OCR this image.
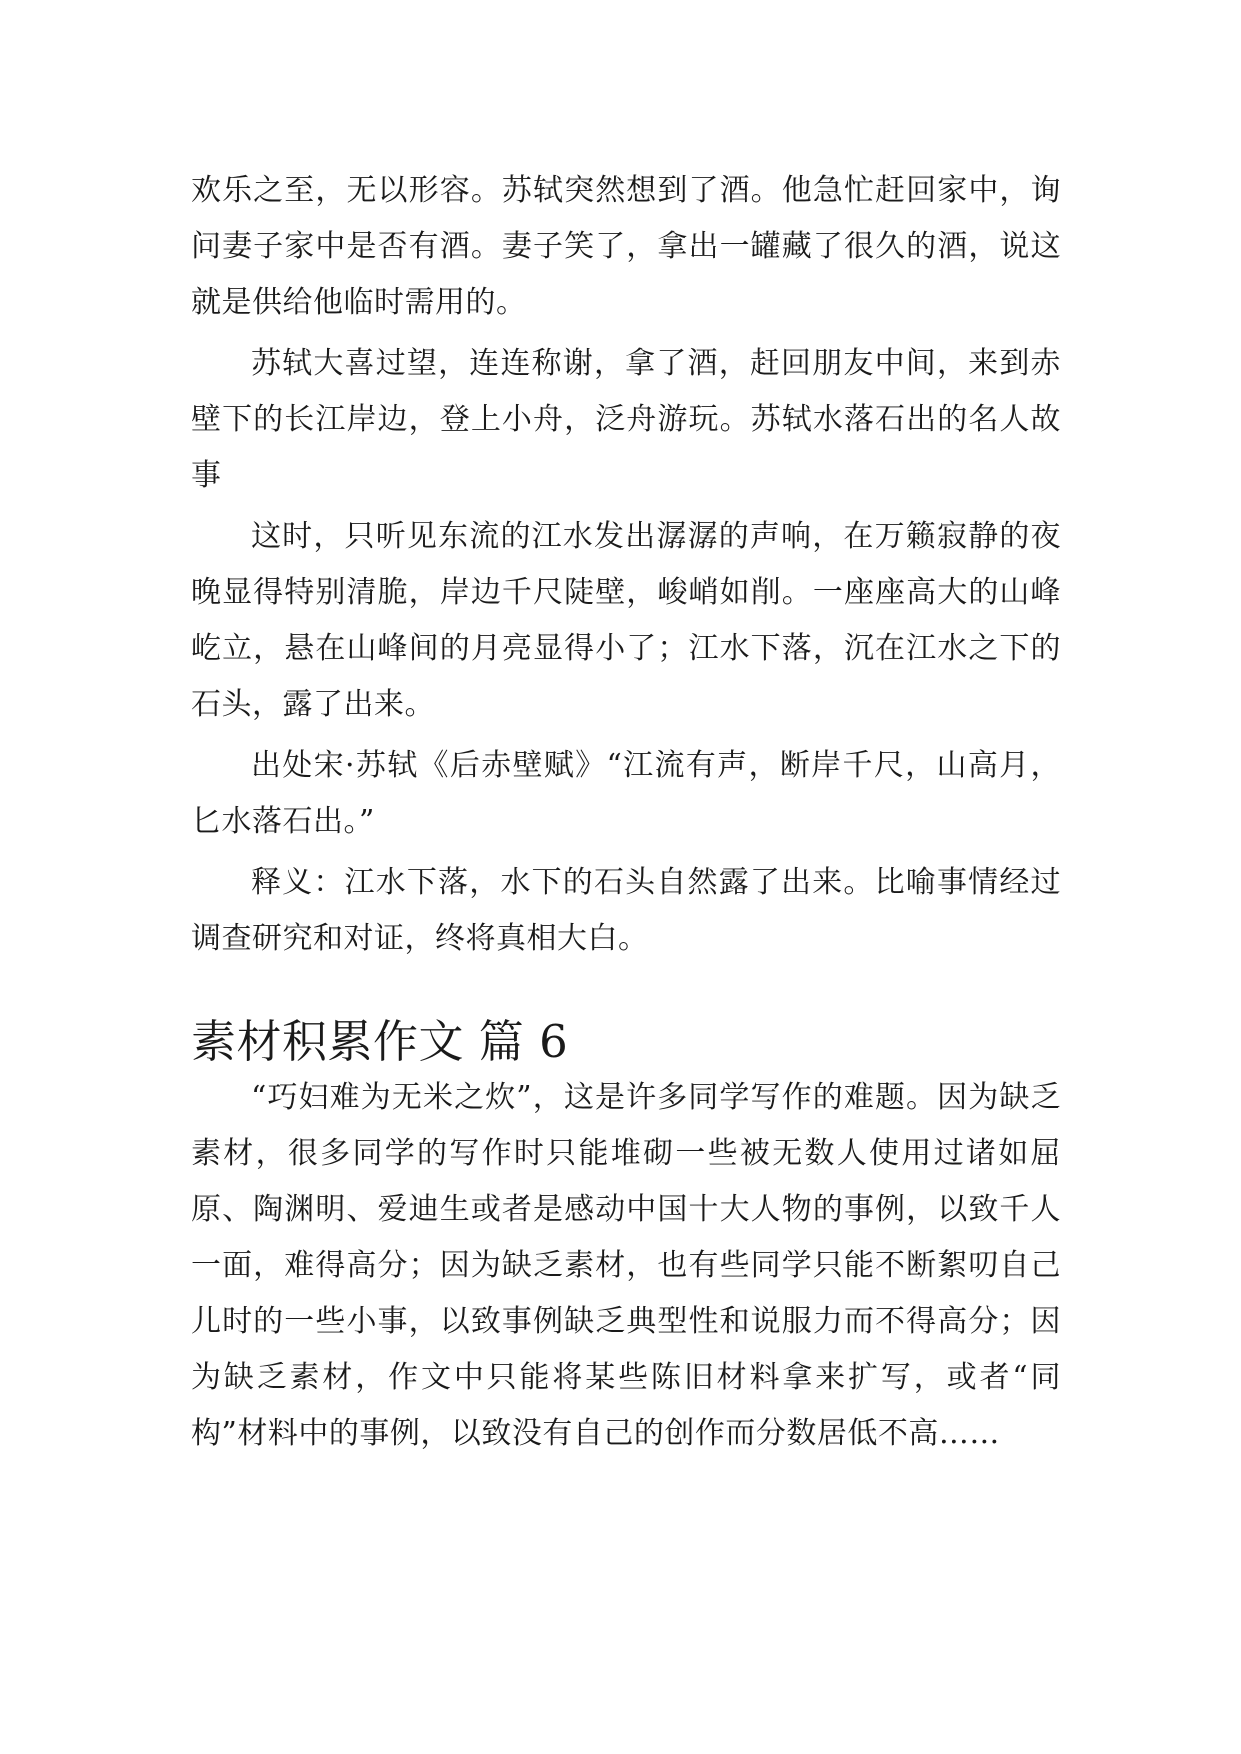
欢乐之至，无以形容。苏轼突然想到了酒。他急忙赶回家中，询问妻子家中是否有酒。妻子笑了，拿出一罐藏了很久的酒，说这就是供给他临时需用的。

苏轼大喜过望，连连称谢，拿了酒，赶回朋友中间，来到赤壁下的长江岸边，登上小舟，泛舟游玩。苏轼水落石出的名人故事

这时，只听见东流的江水发出潺潺的声响，在万籁寂静的夜晚显得特别清脆，岸边千尺陡壁，峻峭如削。一座座高大的山峰屹立，悬在山峰间的月亮显得小了；江水下落，沉在江水之下的石头，露了出来。

出处宋·苏轼《后赤壁赋》“江流有声，断岸千尺，山高月，匕水落石出。”

释义：江水下落，水下的石头自然露了出来。比喻事情经过调查研究和对证，终将真相大白。

素材积累作文 篇 6

“巧妇难为无米之炊”，这是许多同学写作的难题。因为缺乏素材，很多同学的写作时只能堆砌一些被无数人使用过诸如屈原、陶渊明、爱迪生或者是感动中国十大人物的事例，以致千人一面，难得高分；因为缺乏素材，也有些同学只能不断絮叨自己儿时的一些小事，以致事例缺乏典型性和说服力而不得高分；因为缺乏素材，作文中只能将某些陈旧材料拿来扩写，或者“同构”材料中的事例，以致没有自己的创作而分数居低不高……
